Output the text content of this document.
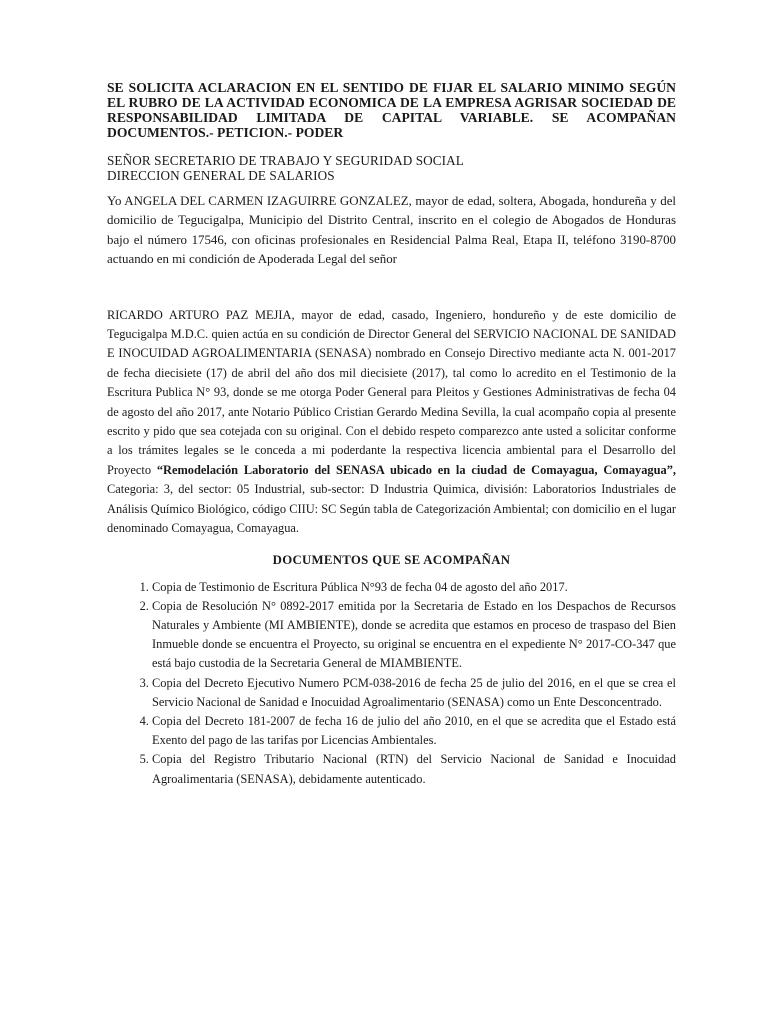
SE SOLICITA ACLARACION EN EL SENTIDO DE FIJAR EL SALARIO MINIMO SEGÚN EL RUBRO DE LA ACTIVIDAD ECONOMICA DE LA EMPRESA AGRISAR SOCIEDAD DE RESPONSABILIDAD LIMITADA DE CAPITAL VARIABLE. SE ACOMPAÑAN DOCUMENTOS.- PETICION.- PODER

SEÑOR SECRETARIO DE TRABAJO Y SEGURIDAD SOCIAL
DIRECCION GENERAL DE SALARIOS

Yo ANGELA DEL CARMEN IZAGUIRRE GONZALEZ, mayor de edad, soltera, Abogada, hondureña y del domicilio de Tegucigalpa, Municipio del Distrito Central, inscrito en el colegio de Abogados de Honduras bajo el número 17546, con oficinas profesionales en Residencial Palma Real, Etapa II, teléfono 3190-8700 actuando en mi condición de Apoderada Legal del señor

RICARDO ARTURO PAZ MEJIA, mayor de edad, casado, Ingeniero, hondureño y de este domicilio de Tegucigalpa M.D.C. quien actúa en su condición de Director General del SERVICIO NACIONAL DE SANIDAD E INOCUIDAD AGROALIMENTARIA (SENASA) nombrado en Consejo Directivo mediante acta N. 001-2017 de fecha diecisiete (17) de abril del año dos mil diecisiete (2017), tal como lo acredito en el Testimonio de la Escritura Publica N° 93, donde se me otorga Poder General para Pleitos y Gestiones Administrativas de fecha 04 de agosto del año 2017, ante Notario Público Cristian Gerardo Medina Sevilla, la cual acompaño copia al presente escrito y pido que sea cotejada con su original. Con el debido respeto comparezco ante usted a solicitar conforme a los trámites legales se le conceda a mi poderdante la respectiva licencia ambiental para el Desarrollo del Proyecto “Remodelación Laboratorio del SENASA ubicado en la ciudad de Comayagua, Comayagua”, Categoria: 3, del sector: 05 Industrial, sub-sector: D Industria Quimica, división: Laboratorios Industriales de Análisis Químico Biológico, código CIIU: SC Según tabla de Categorización Ambiental; con domicilio en el lugar denominado Comayagua, Comayagua.

DOCUMENTOS QUE SE ACOMPAÑAN
1. Copia de Testimonio de Escritura Pública N°93 de fecha 04 de agosto del año 2017.
2. Copia de Resolución N° 0892-2017 emitida por la Secretaria de Estado en los Despachos de Recursos Naturales y Ambiente (MI AMBIENTE), donde se acredita que estamos en proceso de traspaso del Bien Inmueble donde se encuentra el Proyecto, su original se encuentra en el expediente N° 2017-CO-347 que está bajo custodia de la Secretaria General de MIAMBIENTE.
3. Copia del Decreto Ejecutivo Numero PCM-038-2016 de fecha 25 de julio del 2016, en el que se crea el Servicio Nacional de Sanidad e Inocuidad Agroalimentario (SENASA) como un Ente Desconcentrado.
4. Copia del Decreto 181-2007 de fecha 16 de julio del año 2010, en el que se acredita que el Estado está Exento del pago de las tarifas por Licencias Ambientales.
5. Copia del Registro Tributario Nacional (RTN) del Servicio Nacional de Sanidad e Inocuidad Agroalimentaria (SENASA), debidamente autenticado.
